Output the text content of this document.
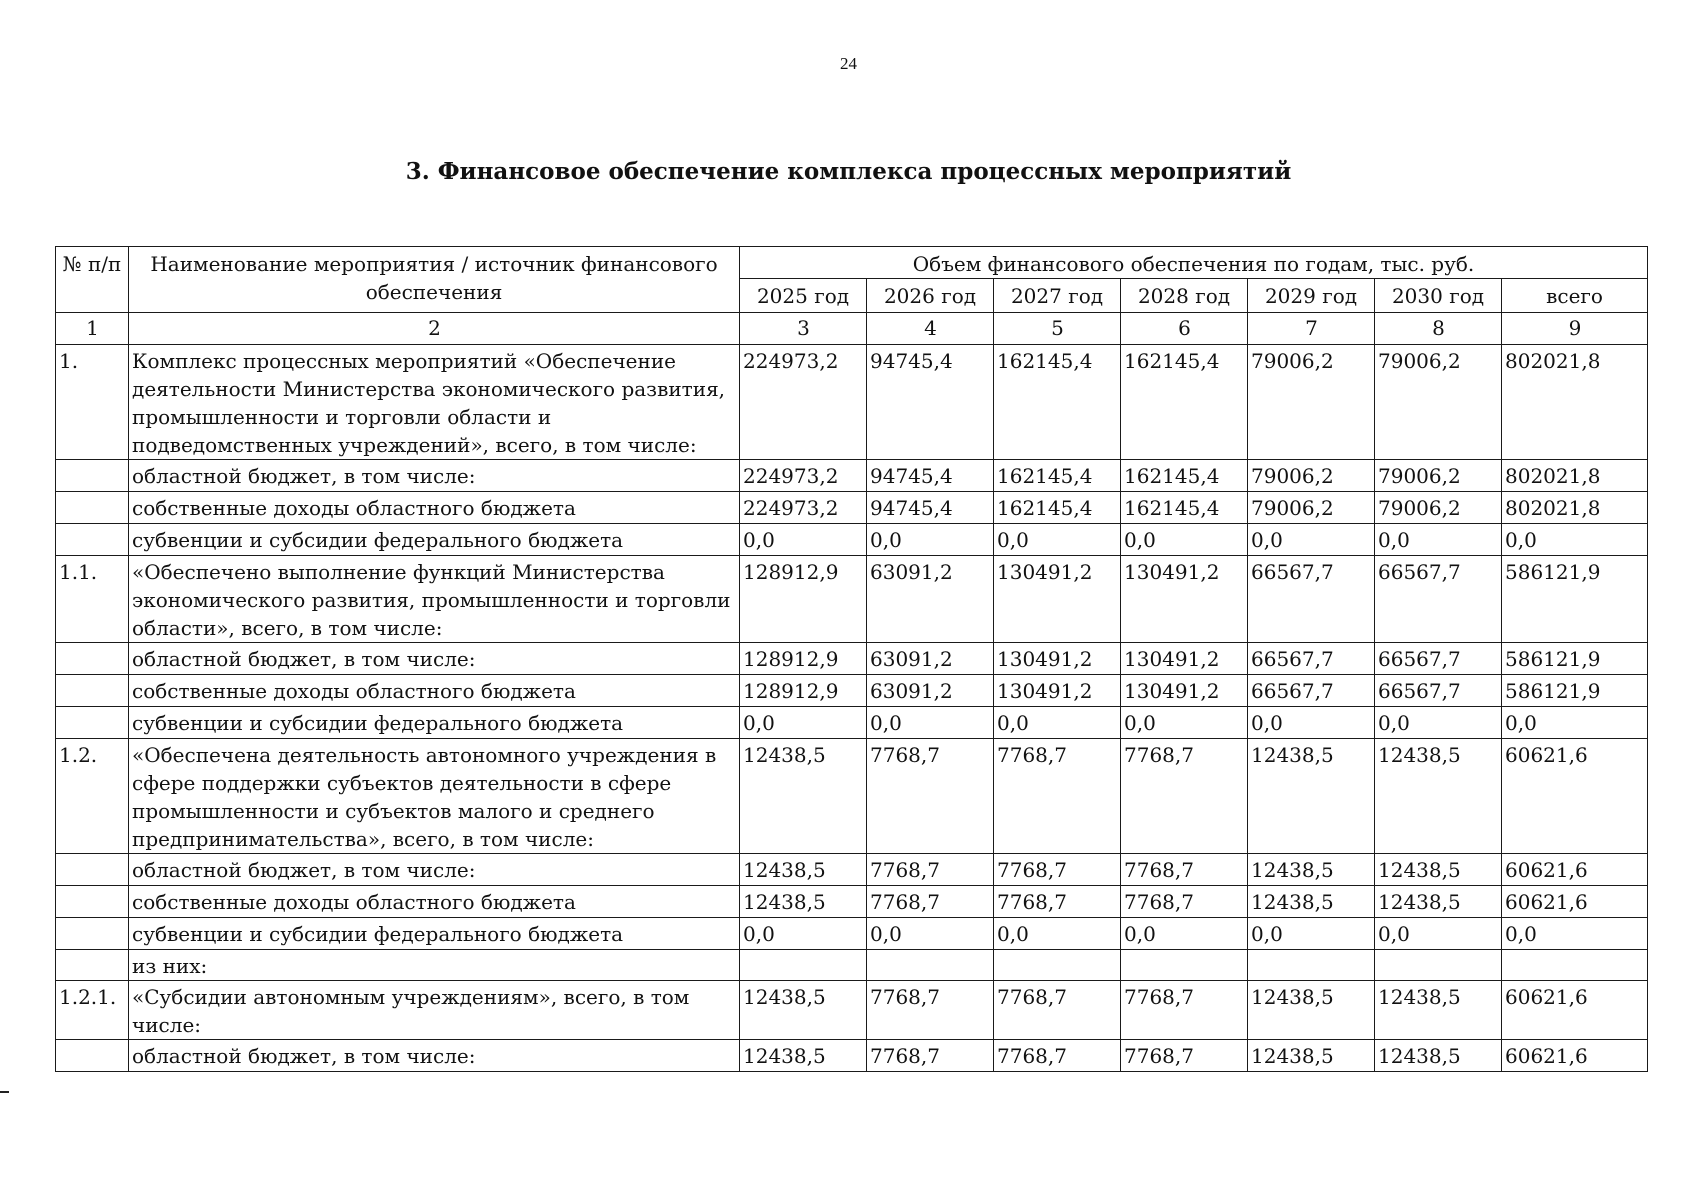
24
3. Финансовое обеспечение комплекса процессных мероприятий
№ п/п	Наименование мероприятия / источник финансового обеспечения	Объем финансового обеспечения по годам, тыс. руб.						
		2025 год	2026 год	2027 год	2028 год	2029 год	2030 год	всего
1	2	3	4	5	6	7	8	9
1.	Комплекс процессных мероприятий «Обеспечение деятельности Министерства экономического развития, промышленности и торговли области и подведомственных учреждений», всего, в том числе:	224973,2	94745,4	162145,4	162145,4	79006,2	79006,2	802021,8
	областной бюджет, в том числе:	224973,2	94745,4	162145,4	162145,4	79006,2	79006,2	802021,8
	собственные доходы областного бюджета	224973,2	94745,4	162145,4	162145,4	79006,2	79006,2	802021,8
	субвенции и субсидии федерального бюджета	0,0	0,0	0,0	0,0	0,0	0,0	0,0
1.1.	«Обеспечено выполнение функций Министерства экономического развития, промышленности и торговли области», всего, в том числе:	128912,9	63091,2	130491,2	130491,2	66567,7	66567,7	586121,9
	областной бюджет, в том числе:	128912,9	63091,2	130491,2	130491,2	66567,7	66567,7	586121,9
	собственные доходы областного бюджета	128912,9	63091,2	130491,2	130491,2	66567,7	66567,7	586121,9
	субвенции и субсидии федерального бюджета	0,0	0,0	0,0	0,0	0,0	0,0	0,0
1.2.	«Обеспечена деятельность автономного учреждения в сфере поддержки субъектов деятельности в сфере промышленности и субъектов малого и среднего предпринимательства», всего, в том числе:	12438,5	7768,7	7768,7	7768,7	12438,5	12438,5	60621,6
	областной бюджет, в том числе:	12438,5	7768,7	7768,7	7768,7	12438,5	12438,5	60621,6
	собственные доходы областного бюджета	12438,5	7768,7	7768,7	7768,7	12438,5	12438,5	60621,6
	субвенции и субсидии федерального бюджета	0,0	0,0	0,0	0,0	0,0	0,0	0,0
	из них:							
1.2.1.	«Субсидии автономным учреждениям», всего, в том числе:	12438,5	7768,7	7768,7	7768,7	12438,5	12438,5	60621,6
	областной бюджет, в том числе:	12438,5	7768,7	7768,7	7768,7	12438,5	12438,5	60621,6
